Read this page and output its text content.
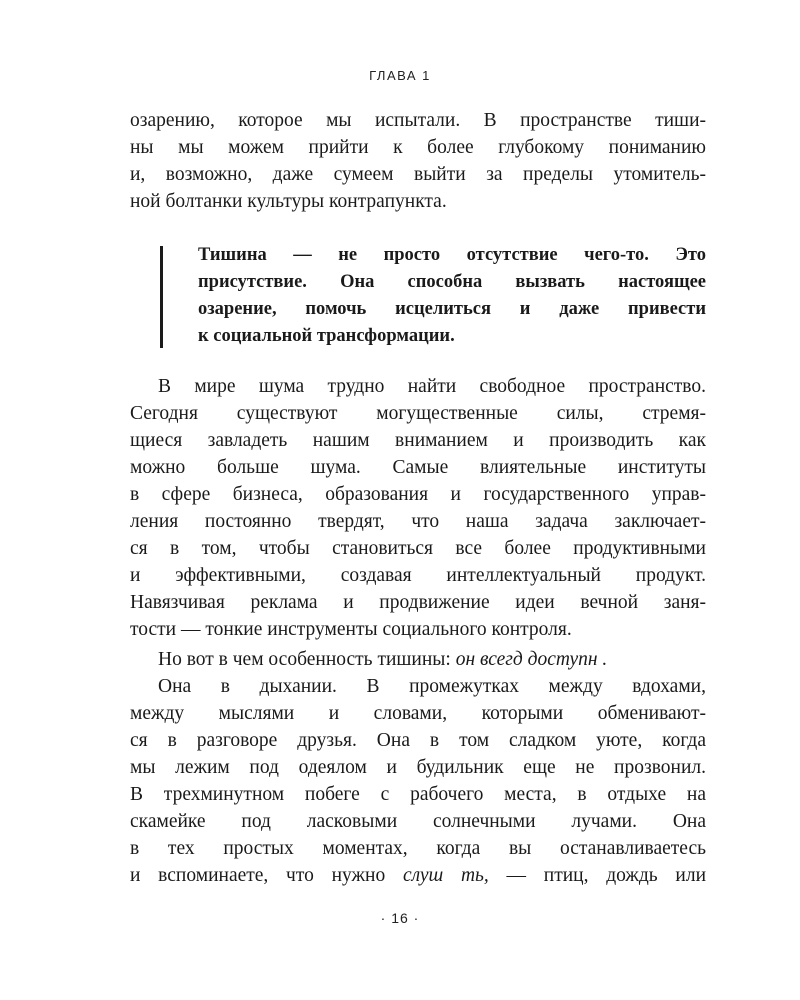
ГЛАВА 1
озарению, которое мы испытали. В пространстве тиши-
ны мы можем прийти к более глубокому пониманию
и, возможно, даже сумеем выйти за пределы утомитель-
ной болтанки культуры контрапункта.
Тишина — не просто отсутствие чего-то. Это
присутствие. Она способна вызвать настоящее
озарение, помочь исцелиться и даже привести
к социальной трансформации.
В мире шума трудно найти свободное пространство.
Сегодня существуют могущественные силы, стремя-
щиеся завладеть нашим вниманием и производить как
можно больше шума. Самые влиятельные институты
в сфере бизнеса, образования и государственного управ-
ления постоянно твердят, что наша задача заключает-
ся в том, чтобы становиться все более продуктивными
и эффективными, создавая интеллектуальный продукт.
Навязчивая реклама и продвижение идеи вечной заня-
тости — тонкие инструменты социального контроля.
Но вот в чем особенность тишины: он всегд доступн .
Она в дыхании. В промежутках между вдохами,
между мыслями и словами, которыми обменивают-
ся в разговоре друзья. Она в том сладком уюте, когда
мы лежим под одеялом и будильник еще не прозвонил.
В трехминутном побеге с рабочего места, в отдыхе на
скамейке под ласковыми солнечными лучами. Она
в тех простых моментах, когда вы останавливаетесь
и вспоминаете, что нужно слуш ть, — птиц, дождь или
· 16 ·
